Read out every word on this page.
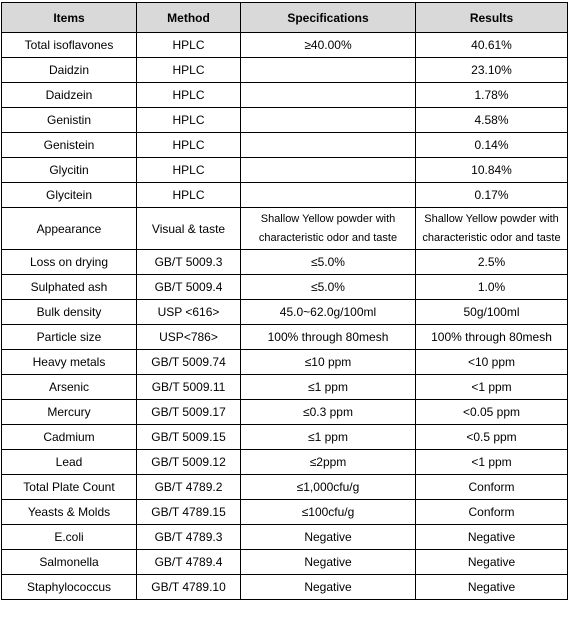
Items	Method	Specifications	Results
Total isoflavones	HPLC	≥40.00%	40.61%
Daidzin	HPLC		23.10%
Daidzein	HPLC		1.78%
Genistin	HPLC		4.58%
Genistein	HPLC		0.14%
Glycitin	HPLC		10.84%
Glycitein	HPLC		0.17%
Appearance	Visual & taste	Shallow Yellow powder with characteristic odor and taste	Shallow Yellow powder with characteristic odor and taste
Loss on drying	GB/T 5009.3	≤5.0%	2.5%
Sulphated ash	GB/T 5009.4	≤5.0%	1.0%
Bulk density	USP <616>	45.0~62.0g/100ml	50g/100ml
Particle size	USP<786>	100% through 80mesh	100% through 80mesh
Heavy metals	GB/T 5009.74	≤10 ppm	<10 ppm
Arsenic	GB/T 5009.11	≤1 ppm	<1 ppm
Mercury	GB/T 5009.17	≤0.3 ppm	<0.05 ppm
Cadmium	GB/T 5009.15	≤1 ppm	<0.5 ppm
Lead	GB/T 5009.12	≤2ppm	<1 ppm
Total Plate Count	GB/T 4789.2	≤1,000cfu/g	Conform
Yeasts & Molds	GB/T 4789.15	≤100cfu/g	Conform
E.coli	GB/T 4789.3	Negative	Negative
Salmonella	GB/T 4789.4	Negative	Negative
Staphylococcus	GB/T 4789.10	Negative	Negative
